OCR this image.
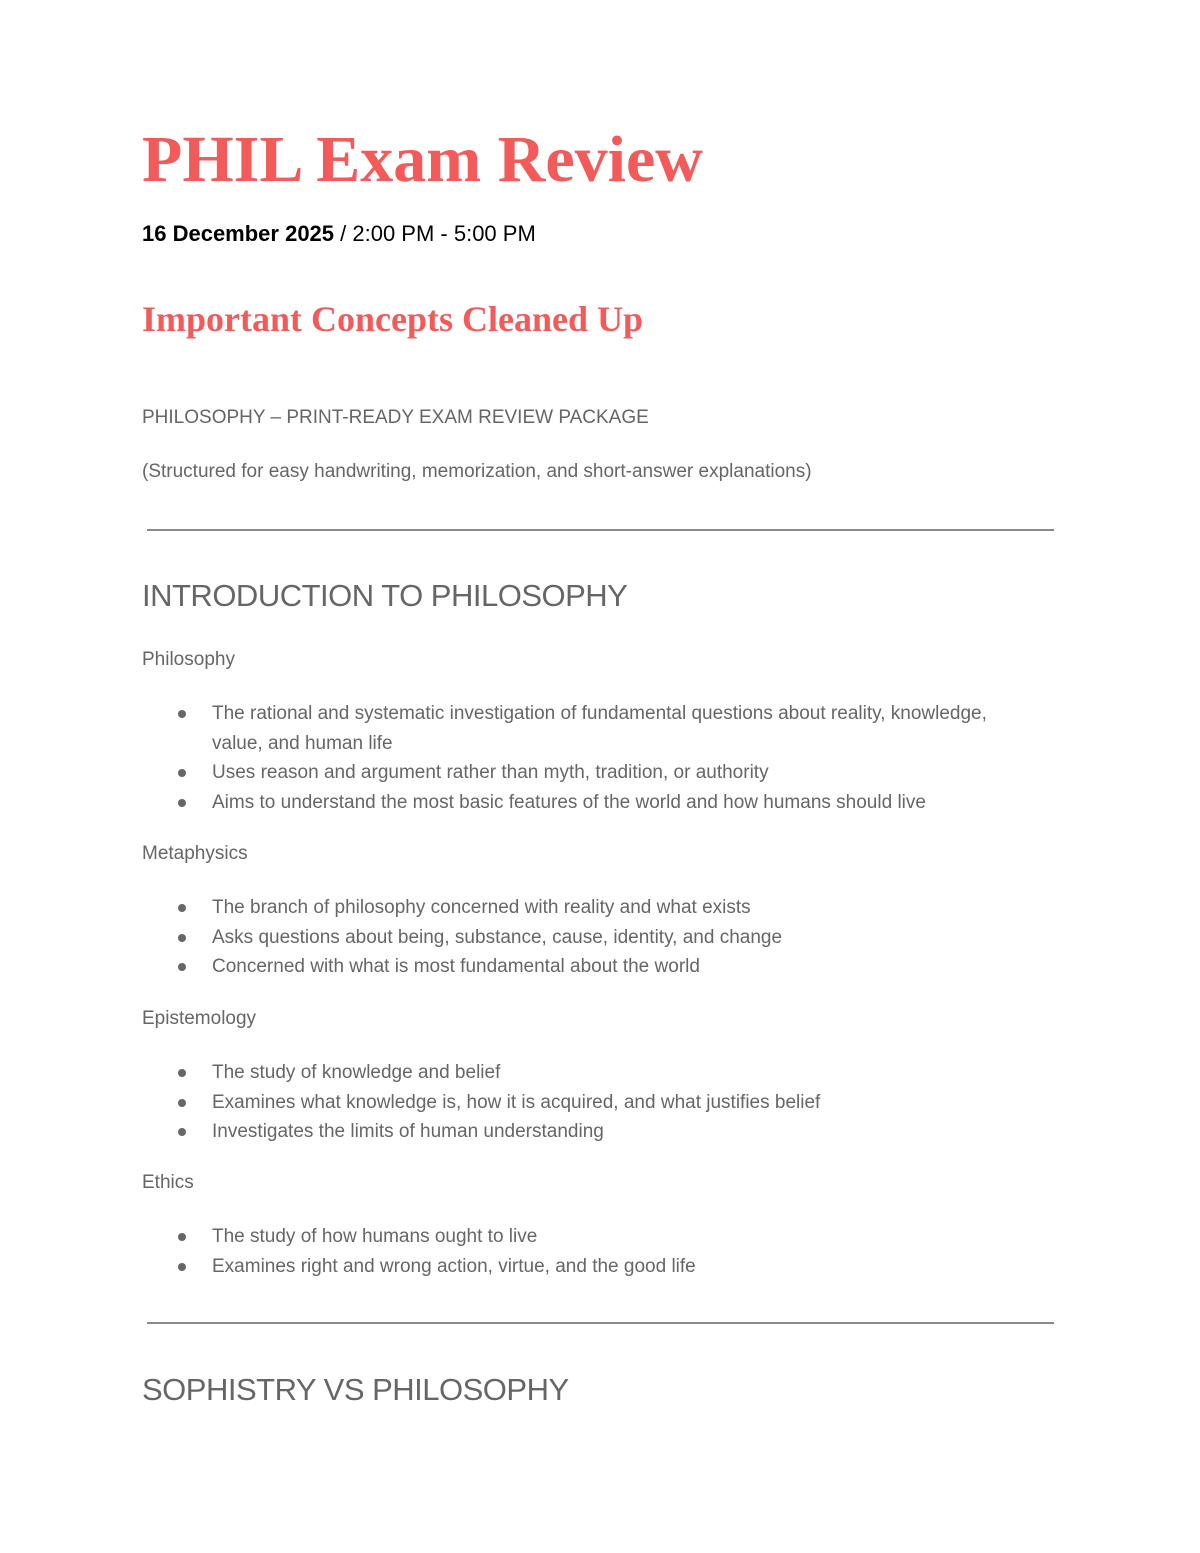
PHIL Exam Review

16 December 2025 / 2:00 PM - 5:00 PM

Important Concepts Cleaned Up

PHILOSOPHY – PRINT-READY EXAM REVIEW PACKAGE

(Structured for easy handwriting, memorization, and short-answer explanations)

INTRODUCTION TO PHILOSOPHY

Philosophy

The rational and systematic investigation of fundamental questions about reality, knowledge, value, and human life
Uses reason and argument rather than myth, tradition, or authority
Aims to understand the most basic features of the world and how humans should live

Metaphysics

The branch of philosophy concerned with reality and what exists
Asks questions about being, substance, cause, identity, and change
Concerned with what is most fundamental about the world

Epistemology

The study of knowledge and belief
Examines what knowledge is, how it is acquired, and what justifies belief
Investigates the limits of human understanding

Ethics

The study of how humans ought to live
Examines right and wrong action, virtue, and the good life
SOPHISTRY VS PHILOSOPHY
